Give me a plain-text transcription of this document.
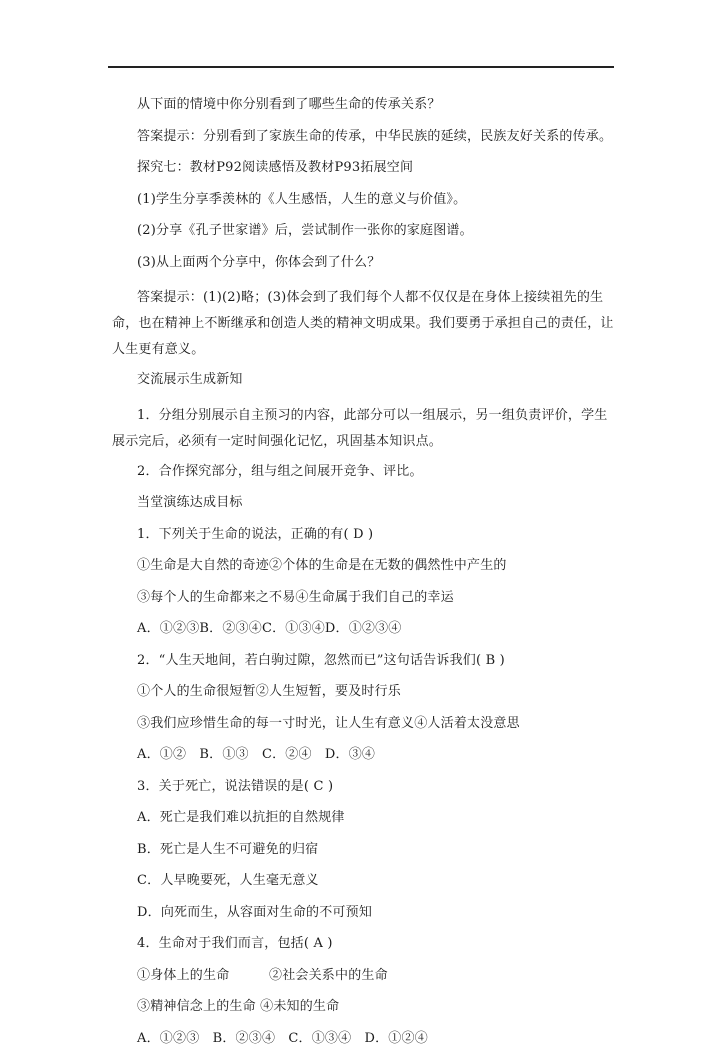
从下面的情境中你分别看到了哪些生命的传承关系？

答案提示：分别看到了家族生命的传承，中华民族的延续，民族友好关系的传承。

探究七：教材P92阅读感悟及教材P93拓展空间

(1)学生分享季羡林的《人生感悟，人生的意义与价值》。

(2)分享《孔子世家谱》后，尝试制作一张你的家庭图谱。

(3)从上面两个分享中，你体会到了什么？

答案提示：(1)(2)略；(3)体会到了我们每个人都不仅仅是在身体上接续祖先的生命，也在精神上不断继承和创造人类的精神文明成果。我们要勇于承担自己的责任，让人生更有意义。

交流展示生成新知

1．分组分别展示自主预习的内容，此部分可以一组展示，另一组负责评价，学生展示完后，必须有一定时间强化记忆，巩固基本知识点。

2．合作探究部分，组与组之间展开竞争、评比。

当堂演练达成目标

1．下列关于生命的说法，正确的有( D )

①生命是大自然的奇迹②个体的生命是在无数的偶然性中产生的

③每个人的生命都来之不易④生命属于我们自己的幸运

A．①②③B．②③④C．①③④D．①②③④

2．“人生天地间，若白驹过隙，忽然而已”这句话告诉我们( B )

①个人的生命很短暂②人生短暂，要及时行乐

③我们应珍惜生命的每一寸时光，让人生有意义④人活着太没意思

A．①②　B．①③　C．②④　D．③④

3．关于死亡，说法错误的是( C )

A．死亡是我们难以抗拒的自然规律

B．死亡是人生不可避免的归宿

C．人早晚要死，人生毫无意义

D．向死而生，从容面对生命的不可预知

4．生命对于我们而言，包括( A )

①身体上的生命　　　②社会关系中的生命

③精神信念上的生命 ④未知的生命

A．①②③　B．②③④　C．①③④　D．①②④
